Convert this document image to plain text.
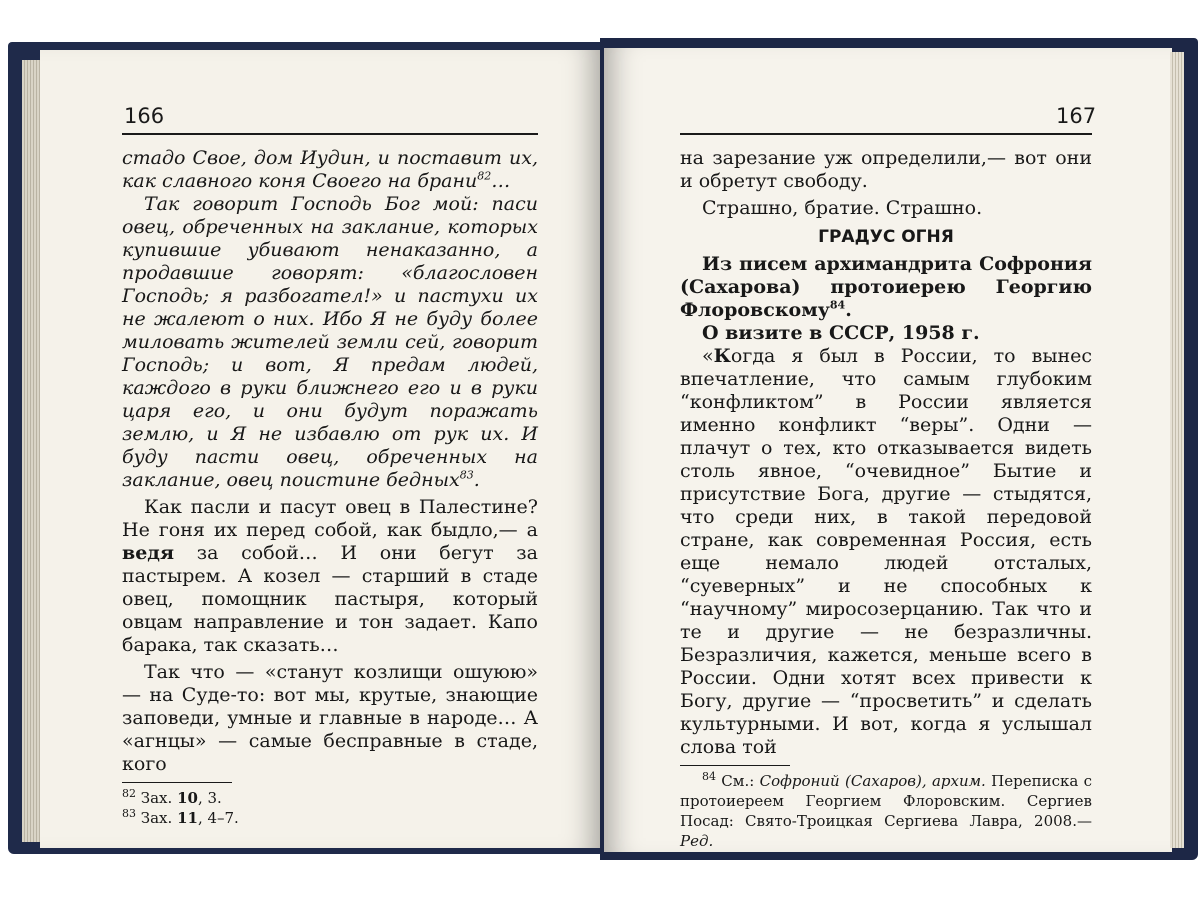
166

стадо Свое, дом Иудин, и поставит их, как славного коня Своего на брани$^{82}$…

Так говорит Господь Бог мой: паси овец, обреченных на заклание, которых купившие убивают ненаказанно, а продавшие говорят: «благословен Господь; я разбогател!» и пастухи их не жалеют о них. Ибо Я не буду более миловать жителей земли сей, говорит Господь; и вот, Я предам людей, каждого в руки ближнего его и в руки царя его, и они будут поражать землю, и Я не избавлю от рук их. И буду пасти овец, обреченных на заклание, овец поистине бедных$^{83}$.

Как пасли и пасут овец в Палестине? Не гоня их перед собой, как быдло,— а ведя за собой… И они бегут за пастырем. А козел — старший в стаде овец, помощник пастыря, который овцам направление и тон задает. Капо барака, так сказать…

Так что — «станут козлищи ошуюю» — на Суде-то: вот мы, крутые, знающие заповеди, умные и главные в народе… А «агнцы» — самые бесправные в стаде, кого

$^{82}$ Зах. 10, 3.

$^{83}$ Зах. 11, 4–7.

167

на зарезание уж определили,— вот они и обретут свободу.

Страшно, братие. Страшно.

ГРАДУС ОГНЯ

Из писем архимандрита Софрония (Сахарова) протоиерею Георгию Флоровскому$^{84}$.

О визите в СССР, 1958 г.

«Когда я был в России, то вынес впечатление, что самым глубоким “конфликтом” в России является именно конфликт “веры”. Одни — плачут о тех, кто отказывается видеть столь явное, “очевидное” Бытие и присутствие Бога, другие — стыдятся, что среди них, в такой передовой стране, как современная Россия, есть еще немало людей отсталых, “суеверных” и не способных к “научному” миросозерцанию. Так что и те и другие — не безразличны. Безразличия, кажется, меньше всего в России. Одни хотят всех привести к Богу, другие — “просветить” и сделать культурными. И вот, когда я услышал слова той

$^{84}$ См.: Софроний (Сахаров), архим. Переписка с протоиереем Георгием Флоровским. Сергиев Посад: Свято-Троицкая Сергиева Лавра, 2008.— Ред.
